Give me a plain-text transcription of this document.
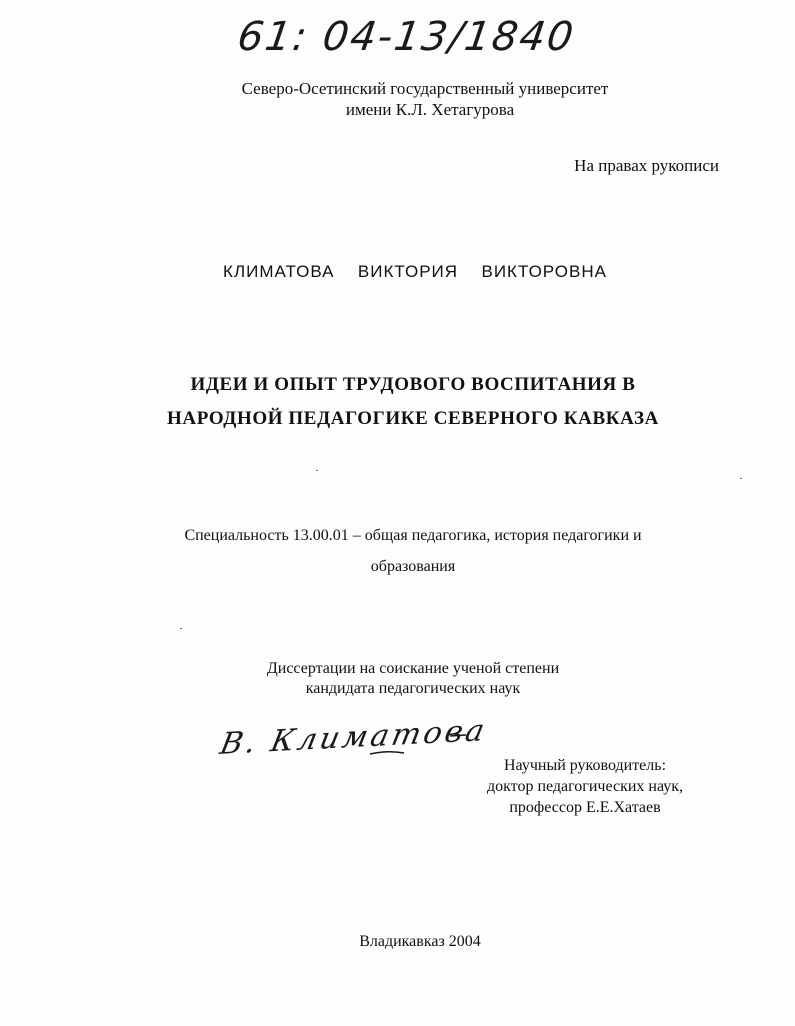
61: 04-13/1840
Северо-Осетинский государственный университет
имени К.Л. Хетагурова
На правах рукописи
КЛИМАТОВА  ВИКТОРИЯ  ВИКТОРОВНА
ИДЕИ И ОПЫТ ТРУДОВОГО ВОСПИТАНИЯ В
НАРОДНОЙ ПЕДАГОГИКЕ СЕВЕРНОГО КАВКАЗА
Специальность 13.00.01 – общая педагогика, история педагогики и
образования
Диссертации на соискание ученой степени
кандидата педагогических наук
В. Климатова
Научный руководитель:
доктор педагогических наук,
профессор Е.Е.Хатаев
Владикавказ 2004
